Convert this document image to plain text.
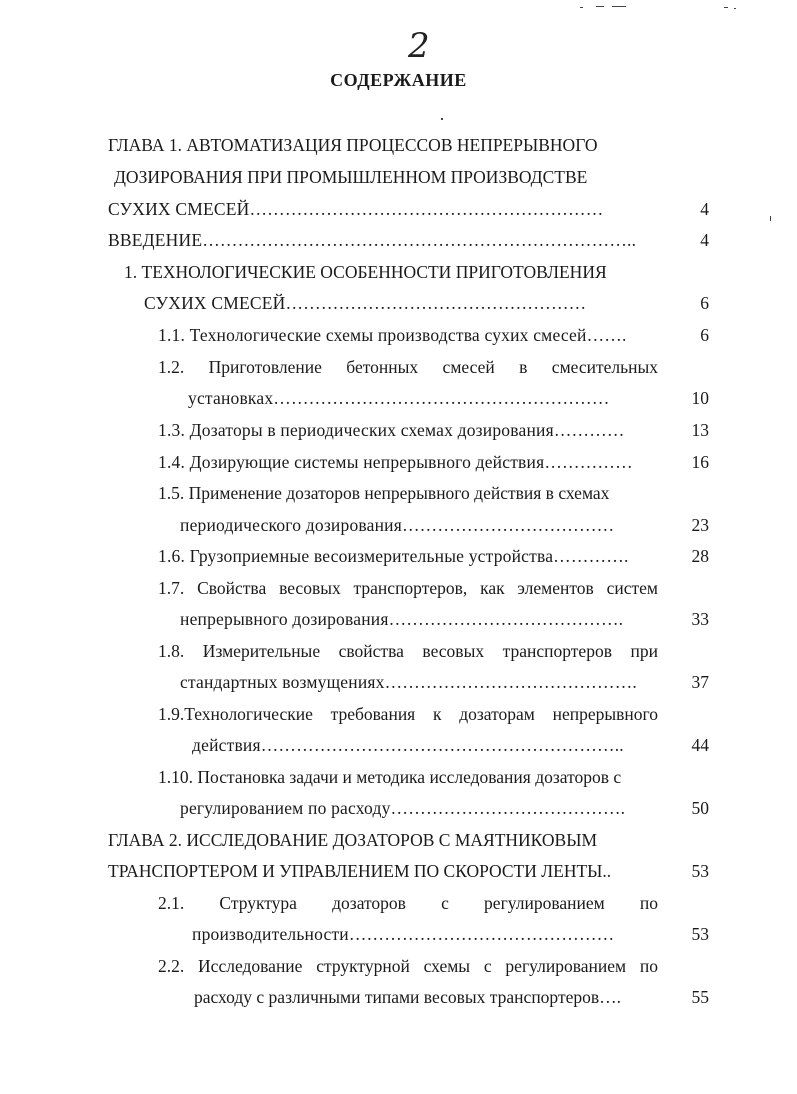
2
СОДЕРЖАНИЕ
ГЛАВА 1. АВТОМАТИЗАЦИЯ ПРОЦЕССОВ НЕПРЕРЫВНОГО
ДОЗИРОВАНИЯ ПРИ ПРОМЫШЛЕННОМ ПРОИЗВОДСТВЕ
СУХИХ СМЕСЕЙ……………………………………………………	4
ВВЕДЕНИЕ………………………………………………………………..	4
1. ТЕХНОЛОГИЧЕСКИЕ ОСОБЕННОСТИ ПРИГОТОВЛЕНИЯ
СУХИХ СМЕСЕЙ……………………………………………	6
1.1. Технологические схемы производства сухих смесей…….	6
1.2. Приготовление бетонных смесей в смесительных
установках…………………………………………………	10
1.3. Дозаторы в периодических схемах дозирования…………	13
1.4. Дозирующие системы непрерывного действия……………	16
1.5. Применение дозаторов непрерывного действия в схемах
периодического дозирования………………………………	23
1.6. Грузоприемные весоизмерительные устройства………….	28
1.7. Свойства весовых транспортеров, как элементов систем
непрерывного дозирования………………………………….	33
1.8. Измерительные свойства весовых транспортеров при
стандартных возмущениях…………………………………….	37
1.9.Технологические требования к дозаторам непрерывного
действия……………………………………………………..	44
1.10. Постановка задачи и методика исследования дозаторов с
регулированием по расходу………………………………….	50
ГЛАВА 2. ИССЛЕДОВАНИЕ ДОЗАТОРОВ С МАЯТНИКОВЫМ
ТРАНСПОРТЕРОМ И УПРАВЛЕНИЕМ ПО СКОРОСТИ ЛЕНТЫ..	53
2.1. Структура дозаторов с регулированием по
производительности………………………………………	53
2.2. Исследование структурной схемы с регулированием по
расходу с различными типами весовых транспортеров….	55
